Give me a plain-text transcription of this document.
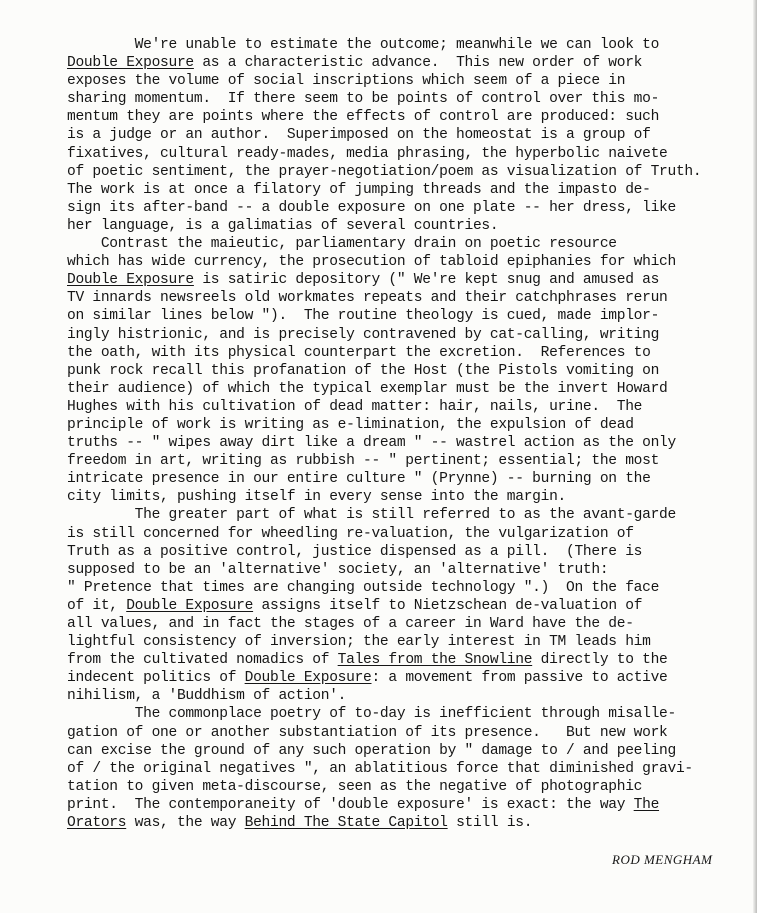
We're unable to estimate the outcome; meanwhile we can look to
Double Exposure as a characteristic advance.  This new order of work
exposes the volume of social inscriptions which seem of a piece in
sharing momentum.  If there seem to be points of control over this mo-
mentum they are points where the effects of control are produced: such
is a judge or an author.  Superimposed on the homeostat is a group of
fixatives, cultural ready-mades, media phrasing, the hyperbolic naivete
of poetic sentiment, the prayer-negotiation/poem as visualization of Truth.
The work is at once a filatory of jumping threads and the impasto de-
sign its after-band -- a double exposure on one plate -- her dress, like
her language, is a galimatias of several countries.
Contrast the maieutic, parliamentary drain on poetic resource
which has wide currency, the prosecution of tabloid epiphanies for which
Double Exposure is satiric depository (" We're kept snug and amused as
TV innards newsreels old workmates repeats and their catchphrases rerun
on similar lines below ").  The routine theology is cued, made implor-
ingly histrionic, and is precisely contravened by cat-calling, writing
the oath, with its physical counterpart the excretion.  References to
punk rock recall this profanation of the Host (the Pistols vomiting on
their audience) of which the typical exemplar must be the invert Howard
Hughes with his cultivation of dead matter: hair, nails, urine.  The
principle of work is writing as e-limination, the expulsion of dead
truths -- " wipes away dirt like a dream " -- wastrel action as the only
freedom in art, writing as rubbish -- " pertinent; essential; the most
intricate presence in our entire culture " (Prynne) -- burning on the
city limits, pushing itself in every sense into the margin.
The greater part of what is still referred to as the avant-garde
is still concerned for wheedling re-valuation, the vulgarization of
Truth as a positive control, justice dispensed as a pill.  (There is
supposed to be an 'alternative' society, an 'alternative' truth:
" Pretence that times are changing outside technology ".)  On the face
of it, Double Exposure assigns itself to Nietzschean de-valuation of
all values, and in fact the stages of a career in Ward have the de-
lightful consistency of inversion; the early interest in TM leads him
from the cultivated nomadics of Tales from the Snowline directly to the
indecent politics of Double Exposure: a movement from passive to active
nihilism, a 'Buddhism of action'.
The commonplace poetry of to-day is inefficient through misalle-
gation of one or another substantiation of its presence.   But new work
can excise the ground of any such operation by " damage to / and peeling
of / the original negatives ", an ablatitious force that diminished gravi-
tation to given meta-discourse, seen as the negative of photographic
print.  The contemporaneity of 'double exposure' is exact: the way The
Orators was, the way Behind The State Capitol still is.
ROD MENGHAM
